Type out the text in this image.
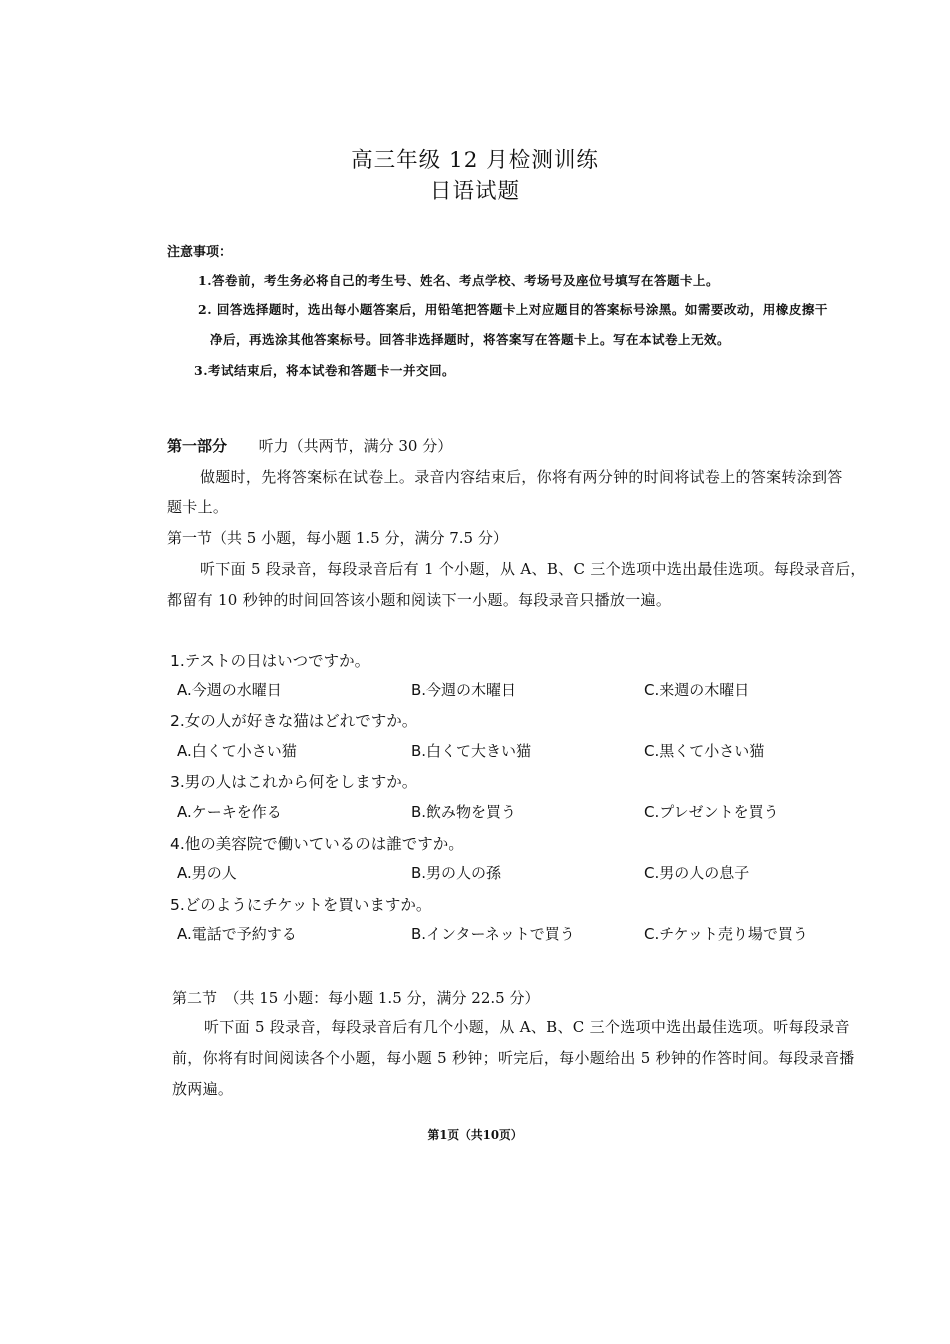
高三年级 12 月检测训练
日语试题
注意事项：
1.答卷前，考生务必将自己的考生号、姓名、考点学校、考场号及座位号填写在答题卡上。
2. 回答选择题时，选出每小题答案后，用铅笔把答题卡上对应题目的答案标号涂黑。如需要改动，用橡皮擦干
净后，再选涂其他答案标号。回答非选择题时，将答案写在答题卡上。写在本试卷上无效。
3.考试结束后，将本试卷和答题卡一并交回。
第一部分 听力（共两节，满分 30 分）
做题时，先将答案标在试卷上。录音内容结束后，你将有两分钟的时间将试卷上的答案转涂到答
题卡上。
第一节（共 5 小题，每小题 1.5 分，满分 7.5 分）
听下面 5 段录音，每段录音后有 1 个小题，从 A、B、C 三个选项中选出最佳选项。每段录音后，
都留有 10 秒钟的时间回答该小题和阅读下一小题。每段录音只播放一遍。
1.テストの日はいつですか。
A.今週の水曜日	B.今週の木曜日	C.来週の木曜日
2.女の人が好きな猫はどれですか。
A.白くて小さい猫	B.白くて大きい猫	C.黒くて小さい猫
3.男の人はこれから何をしますか。
A.ケーキを作る	B.飲み物を買う	C.プレゼントを買う
4.他の美容院で働いているのは誰ですか。
A.男の人	B.男の人の孫	C.男の人の息子
5.どのようにチケットを買いますか。
A.電話で予約する	B.インターネットで買う	C.チケット売り場で買う
第二节　（共 15 小题：每小题 1.5 分，满分 22.5 分）
听下面 5 段录音，每段录音后有几个小题，从 A、B、C 三个选项中选出最佳选项。听每段录音
前，你将有时间阅读各个小题，每小题 5 秒钟；听完后，每小题给出 5 秒钟的作答时间。每段录音播
放两遍。
第1页（共10页）
